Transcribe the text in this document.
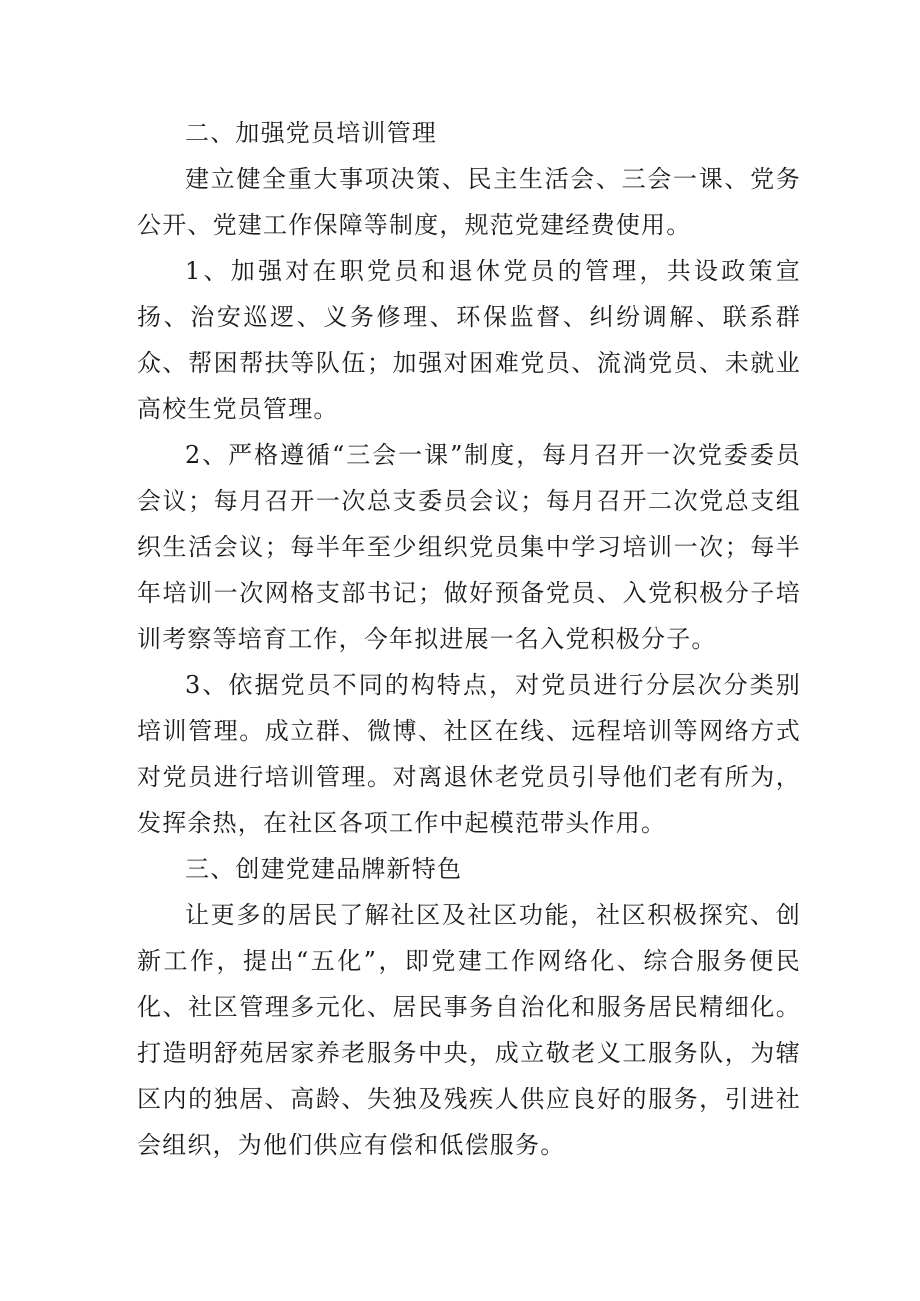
二、加强党员培训管理

建立健全重大事项决策、民主生活会、三会一课、党务公开、党建工作保障等制度，规范党建经费使用。

1、加强对在职党员和退休党员的管理，共设政策宣扬、治安巡逻、义务修理、环保监督、纠纷调解、联系群众、帮困帮扶等队伍；加强对困难党员、流淌党员、未就业高校生党员管理。

2、严格遵循“三会一课”制度，每月召开一次党委委员会议；每月召开一次总支委员会议；每月召开二次党总支组织生活会议；每半年至少组织党员集中学习培训一次；每半年培训一次网格支部书记；做好预备党员、入党积极分子培训考察等培育工作，今年拟进展一名入党积极分子。

3、依据党员不同的构特点，对党员进行分层次分类别培训管理。成立群、微博、社区在线、远程培训等网络方式对党员进行培训管理。对离退休老党员引导他们老有所为，发挥余热，在社区各项工作中起模范带头作用。

三、创建党建品牌新特色

让更多的居民了解社区及社区功能，社区积极探究、创新工作，提出“五化”，即党建工作网络化、综合服务便民化、社区管理多元化、居民事务自治化和服务居民精细化。打造明舒苑居家养老服务中央，成立敬老义工服务队，为辖区内的独居、高龄、失独及残疾人供应良好的服务，引进社会组织，为他们供应有偿和低偿服务。
